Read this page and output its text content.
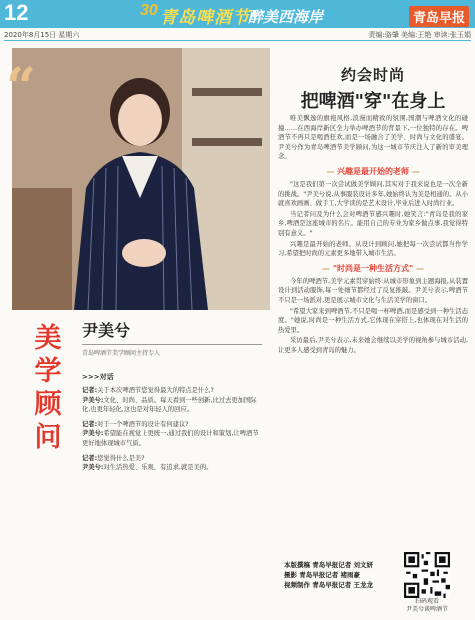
12	30 青岛啤酒节
醉美西海岸	青岛早报
2020年8月15日 星期六	责编:骆肇 美编:王艳 审读:张玉娟
“
美学顾问
尹美兮
青岛啤酒节美学顾问主持专人
>>>对话

记者:关于本次啤酒节您觉得最大的特点是什么?
尹美兮:文化、时尚、品质。每天看到一些创新,比过去更加国际化,也更年轻化,这也是对年轻人的回应。

记者:对于一个啤酒节的设计有何建议?
尹美兮:希望能在视觉上更统一,通过我们的设计和策划,让啤酒节更好地体现城市气质。

记者:您觉得什么是美?
尹美兮:对生活热爱、乐观、有追求,就是美的。

约会时尚
把啤酒"穿"在身上

唯美飘逸的旗袍风格,浪漫而精致的氛围,国潮与啤酒文化的碰撞……在西海岸新区全力举办啤酒节的背景下,一位独特的存在。啤酒节不再只是喝酒狂欢,而是一场融合了美学、时尚与文化的盛宴。尹美兮作为青岛啤酒节美学顾问,为这一城市节庆注入了新的审美理念。

— 兴趣是最开始的老师 —

"这是我们第一次尝试做美学顾问,其实对于我来说也是一次全新的挑战。"尹美兮说,从事服装设计多年,她始终认为美是相通的。从小就喜欢画画、做手工,大学读的是艺术设计,毕业后进入时尚行业。

当记者问及为什么会对啤酒节感兴趣时,她笑言:"青岛是我的家乡,啤酒是这座城市的名片。能用自己的专业为家乡做点事,我觉得特别有意义。"

兴趣是最开始的老师。从设计到顾问,她把每一次尝试都当作学习,希望把时尚的元素更多地带入城市生活。

— "时尚是一种生活方式" —

今年的啤酒节,美学元素贯穿始终:从城市形象到主题海报,从装置设计到活动服饰,每一处细节都经过了反复推敲。尹美兮表示,啤酒节不只是一场派对,更是展示城市文化与生活美学的窗口。

"希望大家来到啤酒节,不只是喝一杯啤酒,而是感受到一种生活态度。"她说,时尚是一种生活方式,它体现在穿搭上,也体现在对生活的热爱里。

采访最后,尹美兮表示,未来她会继续以美学的视角参与城市活动,让更多人感受到青岛的魅力。

本版撰稿 青岛早报记者 刘文妍
摄影 青岛早报记者 褚雨豪
视频制作 青岛早报记者 王龙龙
扫码观看
尹美兮谈啤酒节
